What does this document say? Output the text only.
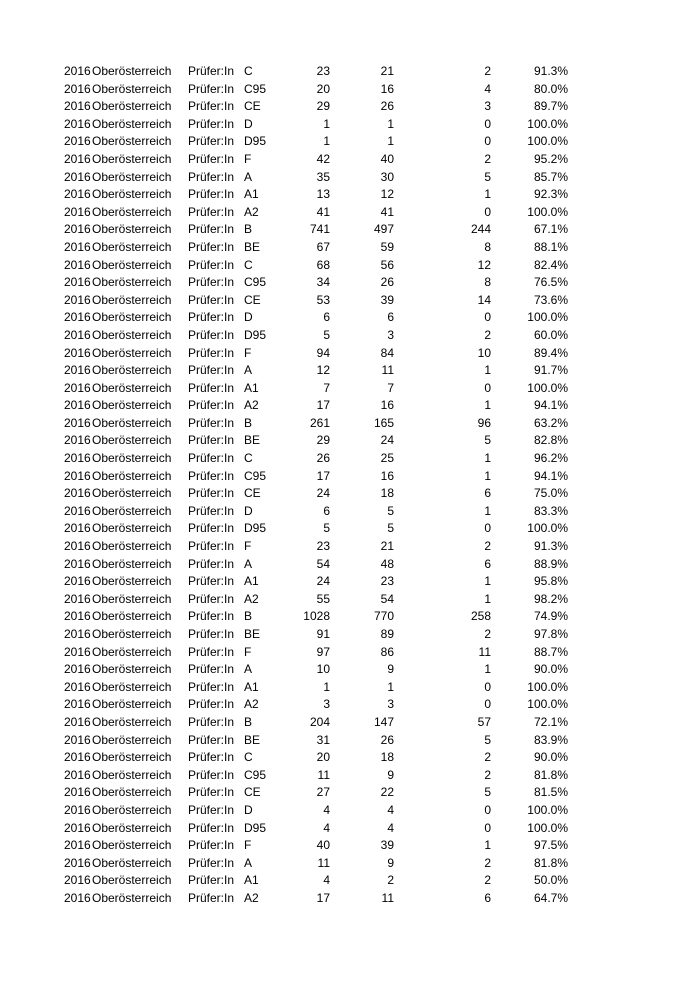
2016 Oberösterreich	Prüfer:In C	23	21	2	91.3%
2016 Oberösterreich	Prüfer:In C95	20	16	4	80.0%
2016 Oberösterreich	Prüfer:In CE	29	26	3	89.7%
2016 Oberösterreich	Prüfer:In D	1	1	0	100.0%
2016 Oberösterreich	Prüfer:In D95	1	1	0	100.0%
2016 Oberösterreich	Prüfer:In F	42	40	2	95.2%
2016 Oberösterreich	Prüfer:In A	35	30	5	85.7%
2016 Oberösterreich	Prüfer:In A1	13	12	1	92.3%
2016 Oberösterreich	Prüfer:In A2	41	41	0	100.0%
2016 Oberösterreich	Prüfer:In B	741	497	244	67.1%
2016 Oberösterreich	Prüfer:In BE	67	59	8	88.1%
2016 Oberösterreich	Prüfer:In C	68	56	12	82.4%
2016 Oberösterreich	Prüfer:In C95	34	26	8	76.5%
2016 Oberösterreich	Prüfer:In CE	53	39	14	73.6%
2016 Oberösterreich	Prüfer:In D	6	6	0	100.0%
2016 Oberösterreich	Prüfer:In D95	5	3	2	60.0%
2016 Oberösterreich	Prüfer:In F	94	84	10	89.4%
2016 Oberösterreich	Prüfer:In A	12	11	1	91.7%
2016 Oberösterreich	Prüfer:In A1	7	7	0	100.0%
2016 Oberösterreich	Prüfer:In A2	17	16	1	94.1%
2016 Oberösterreich	Prüfer:In B	261	165	96	63.2%
2016 Oberösterreich	Prüfer:In BE	29	24	5	82.8%
2016 Oberösterreich	Prüfer:In C	26	25	1	96.2%
2016 Oberösterreich	Prüfer:In C95	17	16	1	94.1%
2016 Oberösterreich	Prüfer:In CE	24	18	6	75.0%
2016 Oberösterreich	Prüfer:In D	6	5	1	83.3%
2016 Oberösterreich	Prüfer:In D95	5	5	0	100.0%
2016 Oberösterreich	Prüfer:In F	23	21	2	91.3%
2016 Oberösterreich	Prüfer:In A	54	48	6	88.9%
2016 Oberösterreich	Prüfer:In A1	24	23	1	95.8%
2016 Oberösterreich	Prüfer:In A2	55	54	1	98.2%
2016 Oberösterreich	Prüfer:In B	1028	770	258	74.9%
2016 Oberösterreich	Prüfer:In BE	91	89	2	97.8%
2016 Oberösterreich	Prüfer:In F	97	86	11	88.7%
2016 Oberösterreich	Prüfer:In A	10	9	1	90.0%
2016 Oberösterreich	Prüfer:In A1	1	1	0	100.0%
2016 Oberösterreich	Prüfer:In A2	3	3	0	100.0%
2016 Oberösterreich	Prüfer:In B	204	147	57	72.1%
2016 Oberösterreich	Prüfer:In BE	31	26	5	83.9%
2016 Oberösterreich	Prüfer:In C	20	18	2	90.0%
2016 Oberösterreich	Prüfer:In C95	11	9	2	81.8%
2016 Oberösterreich	Prüfer:In CE	27	22	5	81.5%
2016 Oberösterreich	Prüfer:In D	4	4	0	100.0%
2016 Oberösterreich	Prüfer:In D95	4	4	0	100.0%
2016 Oberösterreich	Prüfer:In F	40	39	1	97.5%
2016 Oberösterreich	Prüfer:In A	11	9	2	81.8%
2016 Oberösterreich	Prüfer:In A1	4	2	2	50.0%
2016 Oberösterreich	Prüfer:In A2	17	11	6	64.7%
